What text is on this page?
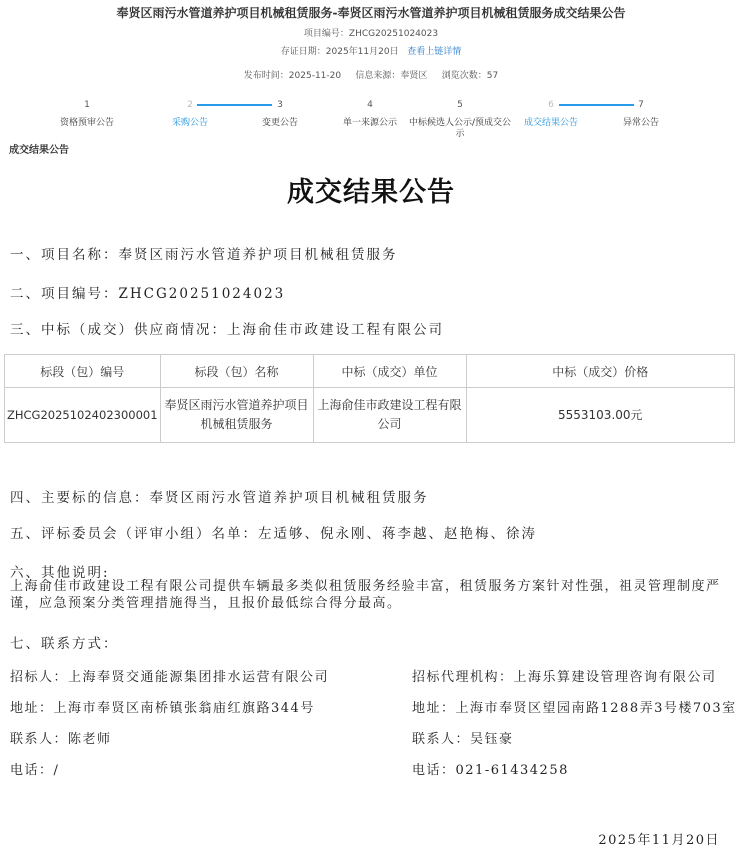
奉贤区雨污水管道养护项目机械租赁服务-奉贤区雨污水管道养护项目机械租赁服务成交结果公告
项目编号：ZHCG20251024023
存证日期：2025年11月20日 查看上链详情
发布时间：2025-11-20 信息来源：奉贤区 浏览次数：57
1
资格预审公告
2
采购公告
3
变更公告
4
单一来源公示
5
中标候选人公示/预成交公示
6
成交结果公告
7
异常公告
成交结果公告
成交结果公告
一、项目名称：奉贤区雨污水管道养护项目机械租赁服务
二、项目编号：ZHCG20251024023
三、中标（成交）供应商情况：上海俞佳市政建设工程有限公司
标段（包）编号	标段（包）名称	中标（成交）单位	中标（成交）价格
ZHCG2025102402300001	奉贤区雨污水管道养护项目机械租赁服务	上海俞佳市政建设工程有限公司	5553103.00元
四、主要标的信息：奉贤区雨污水管道养护项目机械租赁服务
五、评标委员会（评审小组）名单：左适够、倪永刚、蒋李越、赵艳梅、徐涛
六、其他说明:
上海俞佳市政建设工程有限公司提供车辆最多类似租赁服务经验丰富，租赁服务方案针对性强，祖灵管理制度严谨，应急预案分类管理措施得当，且报价最低综合得分最高。
七、联系方式：
招标人：上海奉贤交通能源集团排水运营有限公司
地址：上海市奉贤区南桥镇张翁庙红旗路344号
联系人：陈老师
电话：/
招标代理机构：上海乐算建设管理咨询有限公司
地址：上海市奉贤区望园南路1288弄3号楼703室
联系人：吴钰豪
电话：021-61434258
2025年11月20日
